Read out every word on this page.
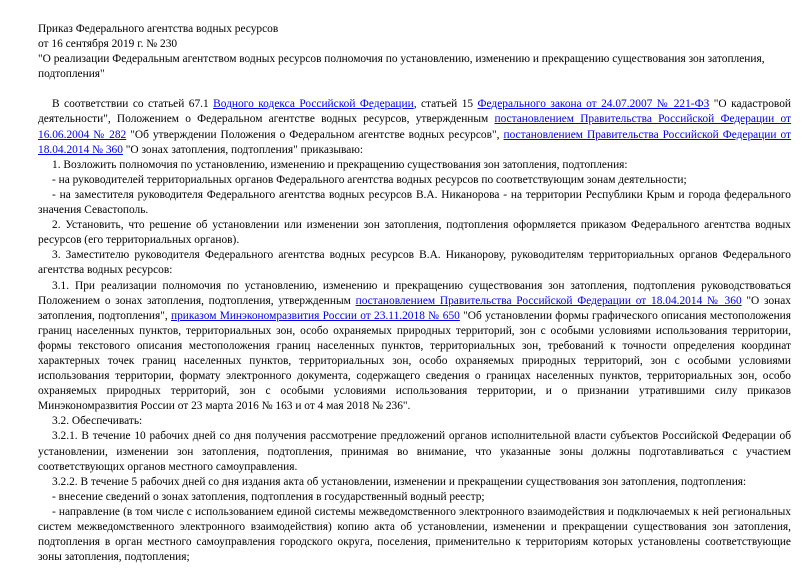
Приказ Федерального агентства водных ресурсов

от 16 сентября 2019 г. № 230

"О реализации Федеральным агентством водных ресурсов полномочия по установлению, изменению и прекращению существования зон затопления, подтопления"

В соответствии со статьей 67.1 Водного кодекса Российской Федерации, статьей 15 Федерального закона от 24.07.2007 № 221-ФЗ "О кадастровой деятельности", Положением о Федеральном агентстве водных ресурсов, утвержденным постановлением Правительства Российской Федерации от 16.06.2004 № 282 "Об утверждении Положения о Федеральном агентстве водных ресурсов", постановлением Правительства Российской Федерации от 18.04.2014 № 360 "О зонах затопления, подтопления" приказываю:

1. Возложить полномочия по установлению, изменению и прекращению существования зон затопления, подтопления:

- на руководителей территориальных органов Федерального агентства водных ресурсов по соответствующим зонам деятельности;

- на заместителя руководителя Федерального агентства водных ресурсов В.А. Никанорова - на территории Республики Крым и города федерального значения Севастополь.

2. Установить, что решение об установлении или изменении зон затопления, подтопления оформляется приказом Федерального агентства водных ресурсов (его территориальных органов).

3. Заместителю руководителя Федерального агентства водных ресурсов В.А. Никанорову, руководителям территориальных органов Федерального агентства водных ресурсов:

3.1. При реализации полномочия по установлению, изменению и прекращению существования зон затопления, подтопления руководствоваться Положением о зонах затопления, подтопления, утвержденным постановлением Правительства Российской Федерации от 18.04.2014 № 360 "О зонах затопления, подтопления", приказом Минэкономразвития России от 23.11.2018 № 650 "Об установлении формы графического описания местоположения границ населенных пунктов, территориальных зон, особо охраняемых природных территорий, зон с особыми условиями использования территории, формы текстового описания местоположения границ населенных пунктов, территориальных зон, требований к точности определения координат характерных точек границ населенных пунктов, территориальных зон, особо охраняемых природных территорий, зон с особыми условиями использования территории, формату электронного документа, содержащего сведения о границах населенных пунктов, территориальных зон, особо охраняемых природных территорий, зон с особыми условиями использования территории, и о признании утратившими силу приказов Минэкономразвития России от 23 марта 2016 № 163 и от 4 мая 2018 № 236".

3.2. Обеспечивать:

3.2.1. В течение 10 рабочих дней со дня получения рассмотрение предложений органов исполнительной власти субъектов Российской Федерации об установлении, изменении зон затопления, подтопления, принимая во внимание, что указанные зоны должны подготавливаться с участием соответствующих органов местного самоуправления.

3.2.2. В течение 5 рабочих дней со дня издания акта об установлении, изменении и прекращении существования зон затопления, подтопления:

- внесение сведений о зонах затопления, подтопления в государственный водный реестр;

- направление (в том числе с использованием единой системы межведомственного электронного взаимодействия и подключаемых к ней региональных систем межведомственного электронного взаимодействия) копию акта об установлении, изменении и прекращении существования зон затопления, подтопления в орган местного самоуправления городского округа, поселения, применительно к территориям которых установлены соответствующие зоны затопления, подтопления;
